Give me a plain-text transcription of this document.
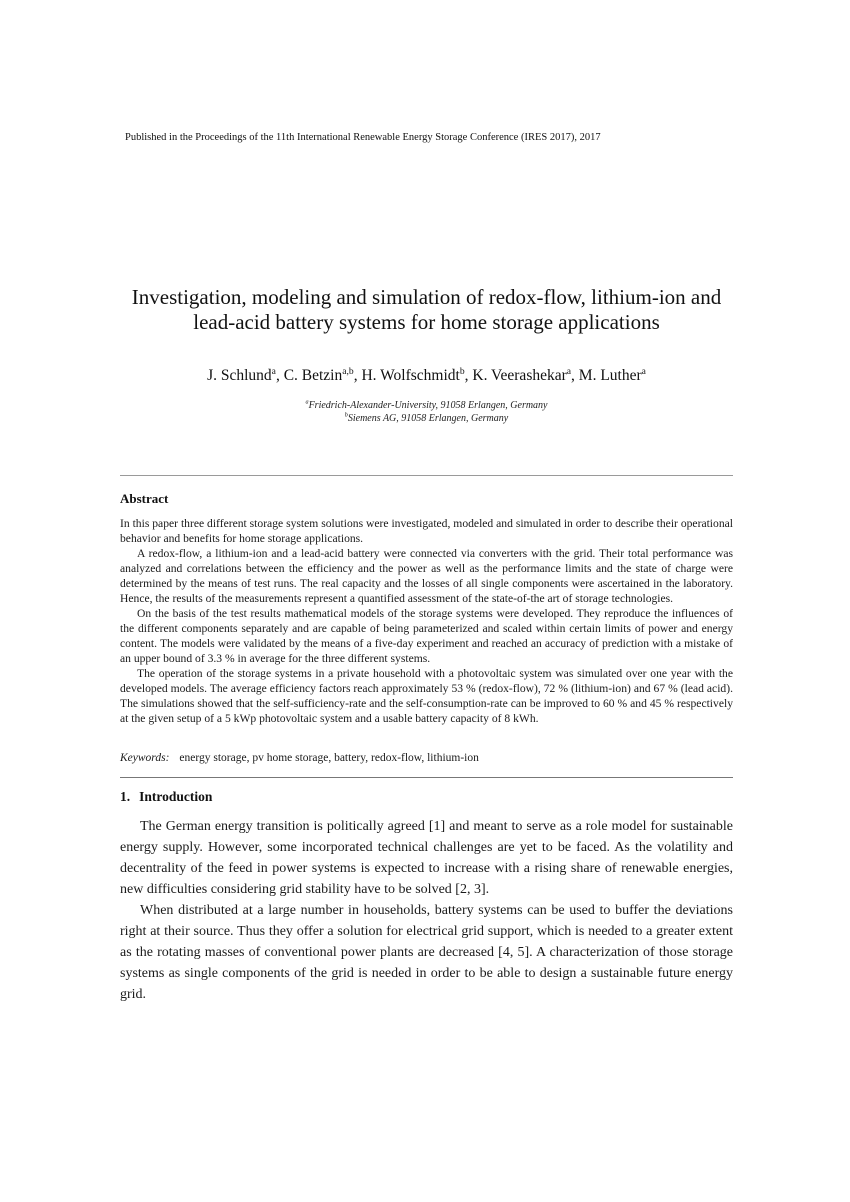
Published in the Proceedings of the 11th International Renewable Energy Storage Conference (IRES 2017), 2017

Investigation, modeling and simulation of redox-flow, lithium-ion and lead-acid battery systems for home storage applications
J. Schlund$^a$, C. Betzin$^{a,b}$, H. Wolfschmidt$^b$, K. Veerashekar$^a$, M. Luther$^a$
$^a$Friedrich-Alexander-University, 91058 Erlangen, Germany
$^b$Siemens AG, 91058 Erlangen, Germany
Abstract

In this paper three different storage system solutions were investigated, modeled and simulated in order to describe their operational behavior and benefits for home storage applications.

A redox-flow, a lithium-ion and a lead-acid battery were connected via converters with the grid. Their total performance was analyzed and correlations between the efficiency and the power as well as the performance limits and the state of charge were determined by the means of test runs. The real capacity and the losses of all single components were ascertained in the laboratory. Hence, the results of the measurements represent a quantified assessment of the state-of-the art of storage technologies.

On the basis of the test results mathematical models of the storage systems were developed. They reproduce the influences of the different components separately and are capable of being parameterized and scaled within certain limits of power and energy content. The models were validated by the means of a five-day experiment and reached an accuracy of prediction with a mistake of an upper bound of 3.3 % in average for the three different systems.

The operation of the storage systems in a private household with a photovoltaic system was simulated over one year with the developed models. The average efficiency factors reach approximately 53 % (redox-flow), 72 % (lithium-ion) and 67 % (lead acid). The simulations showed that the self-sufficiency-rate and the self-consumption-rate can be improved to 60 % and 45 % respectively at the given setup of a 5 kWp photovoltaic system and a usable battery capacity of 8 kWh.

Keywords: energy storage, pv home storage, battery, redox-flow, lithium-ion
1. Introduction

The German energy transition is politically agreed [1] and meant to serve as a role model for sustainable energy supply. However, some incorporated technical challenges are yet to be faced. As the volatility and decentrality of the feed in power systems is expected to increase with a rising share of renewable energies, new difficulties considering grid stability have to be solved [2, 3].

When distributed at a large number in households, battery systems can be used to buffer the deviations right at their source. Thus they offer a solution for electrical grid support, which is needed to a greater extent as the rotating masses of conventional power plants are decreased [4, 5]. A characterization of those storage systems as single components of the grid is needed in order to be able to design a sustainable future energy grid.
